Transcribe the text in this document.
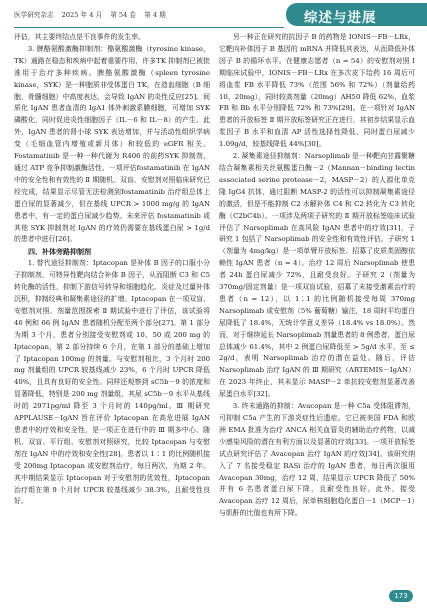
医学研究杂志 2025 年 4 月 第 54 卷 第 4 期	综述与进展

评估，其主要终结点是不良事件的发生率。

3. 脾酪氨酸激酶抑制剂：酪氨酸激酶（tyrosine kinase，TK）通路在稳态和疾病中起着重要作用，许多TK 抑制剂已被批准用于治疗多种疾病。脾酪氨酸激酶（spleen tyrosine kinase，SYK）是一种胞质非受体蛋白 TK，在造血细胞（B 细胞、骨髓细胞）中高度表达，会导致 IgAN 的炎性反应[25]。间质化 IgAN 患者血清的 IgA1 体外刺激系膜细胞，可增加 SYK 磷酸化，同时促进炎性细胞因子（IL－6 和 IL－8）的产生。此外，IgAN 患者的肾小球 SYK 表达增加，并与活动性组织学病变（毛细血管内增殖或新月体）和较低的 eGFR 相关。Fostamatinib 是一种一种代谢为 R406 的前药SYK 抑制剂，通过 ATP 竞争抑制激酶活性。一项评估fostamatinib 在 IgAN 中的安全性和有效性的 Ⅱ 期随机、双盲、安慰剂对照临床研究已经完成，结果显示尽管无法检测到fostamatinib 治疗组总体上蛋白尿的显著减少，但在基线 UPCR > 1000 mg/g 的 IgAN 患者中，有一定的蛋白尿减少趋势。未来评估 fostamatinib 或其他 SYK 抑制剂对 IgAN 的疗效仍需要在基线蛋白尿 > 1g/d 的患者中进行[26]。

四、补体旁路抑制剂

1. 替代途径抑制剂：Iptacopan 是补体 B 因子的口服小分子抑制剂，可特异性靶向结合补体 B 因子，从而阻断 C3 和 C5 转化酶的活性，抑制下游信号转导和细胞趋化、炎症及过量补体沉积，抑制经典和凝集素途径的扩增。Iptacopan 在一项双盲、安慰剂对照、剂量范围探索 Ⅱ 期试验中进行了评估，该试验将 46 例和 66 例 IgAN 患者随机分配至两个部分[27]。第 1 部分为期 3 个月，患者分别接受安慰剂或 10、50 或 200 mg 的 Iptacopan，第 2 部分持续 6 个月，在第 1 部分的基础上增加了 Iptacopan 100mg 的剂量。与安慰剂相比，3 个月时 200 mg 剂量组的 UPCR 较基线减少 23%，6 个月时 UPCR 降低 40%，且具有良好的安全性。同样还观察到 sC5b－9 的浓度和显著降低，特别是 200 mg 剂量组，其尿 sC5b－9 水平从基线时的 2971pg/ml 降至 3 个月时的 140pg/ml。Ⅲ 期研究 APPLAUSE－IgAN 旨在评价 Iptacopan 在高危进展 IgAN 患者中的疗效和安全性，是一项正在进行中的 Ⅲ 期多中心、随机、双盲、平行组、安慰剂对照研究，比较 Iptacopan 与安慰剂在 IgAN 中的疗效和安全性[28]。患者以 1∶1 的比例随机接受 200mg Iptacopan 或安慰剂治疗，每日两次，为期 2 年。其中期结果显示 Iptacopan 对于安慰剂的优效性，Iptacopan 治疗组在第 9 个月时 UPCR 较基线减少 38.3%，且耐受性良好。

另一种正在研究的抗因子 B 的药物是 IONIS－FB－LRx，它靶向补体因子 B 基因的 mRNA 并降低其表达，从而降低补体因子 B 的循环水平。在健康志愿者（n = 54）的安慰剂对照 Ⅰ 期临床试验中，IONIS－FB－LRx 在多次皮下给药 16 周后可将血浆 FB 水平降低 73%（范围 56% 和 72%）（剂量给药 10、20mg），同时较高剂量（20mg）AH50 降低 62%，血浆 FB 和 Bb 水平分别降低 72% 和 73%[29]。在一项针对 IgAN 患者的开放标签 Ⅱ 期开放标签研究正在进行，其初步结果显示血浆因子 B 水平和血清 AP 活性选择性降低，同时蛋白尿减少 1.09g/d，较基线降低 44%[30]。

2. 凝集素途径抑制剂：Narsoplimab 是一种靶向甘露聚糖结合凝集素相关丝氨酸蛋白酶－2（Mannan－binding lectin associated serine protease－2，MASP－2）的人源化单克隆 IgG4 抗体，通过阻断 MASP-2 的活性可以抑制凝集素途径的激活，但是不能抑制 C2 水解补体 C4 和 C2 转化为 C3 转化酶（C2bC4b）。一项涉及两项子研究的 Ⅱ 期开放标签临床试验评估了 Narsoplimab 在高风险 IgAN 患者中的疗效[31]，子研究 1 包括了 Narsoplimab 的安全性和有效性评估。子研究 1（剂量为 4mg/kg）是一项单臂开放标签、招募了皮质类固醇依赖性 IgAN 患者（n = 4）。治疗 12 周后 Narsoplimab 使患者 24h 蛋白尿减少 72%，且耐受良好。子研究 2（剂量为 370mg/固定剂量）是一项双盲试验，招募了未接受激素治疗的患者（n = 12），以 1∶1 的比例随机接受每周 370mg Narsoplimab 或安慰剂（5% 葡萄糖）输注，18 周时平均蛋白尿降低了 18.4%，无统计学意义差异（18.4% vs 18.0%）。然而，对于继续延长 Narsoplimab 剂量患者的 8 例患者，蛋白尿总体减少 61.4%，其中 2 例蛋白尿降低至 > 5g/d 水平，至 ≤ 2g/d，表明 Narsoplimab 治疗的潜在益处。随后，评估 Narsoplimab 治疗 IgAN 的 Ⅲ 期研究（ARTEMIS－IgAN）在 2023 年终止，其未显示 MASP－2 单抗较安慰剂显著改善尿蛋白水平[32]。

3. 终末通路的抑制：Avacopan 是一种 C5a 受体阻滞剂，可抑制 C5a 产生的下游炎症性后遗症。它已被美国 FDA 和欧洲 EMA 批准为治疗 ANCA 相关血管炎的辅助治疗药物，以减少感染风险的潜在有利方面以及显著的疗效[33]。一项开放标签试点研究评估了 Avacopan 治疗 IgAN 的疗效[34]。该研究纳入了 7 名接受稳定 RASi 治疗的 IgAN 患者，每日两次服用 Avacopan 30mg，治疗 12 周，结果显示 UPCR 降低了 50% 并有 6 名患者蛋白尿下降，且耐受性良好。此外，接受 Avacopan 治疗 12 周后，尿单核细胞趋化蛋白－1（MCP－1）与肌酐的比值也有所下降。

173
